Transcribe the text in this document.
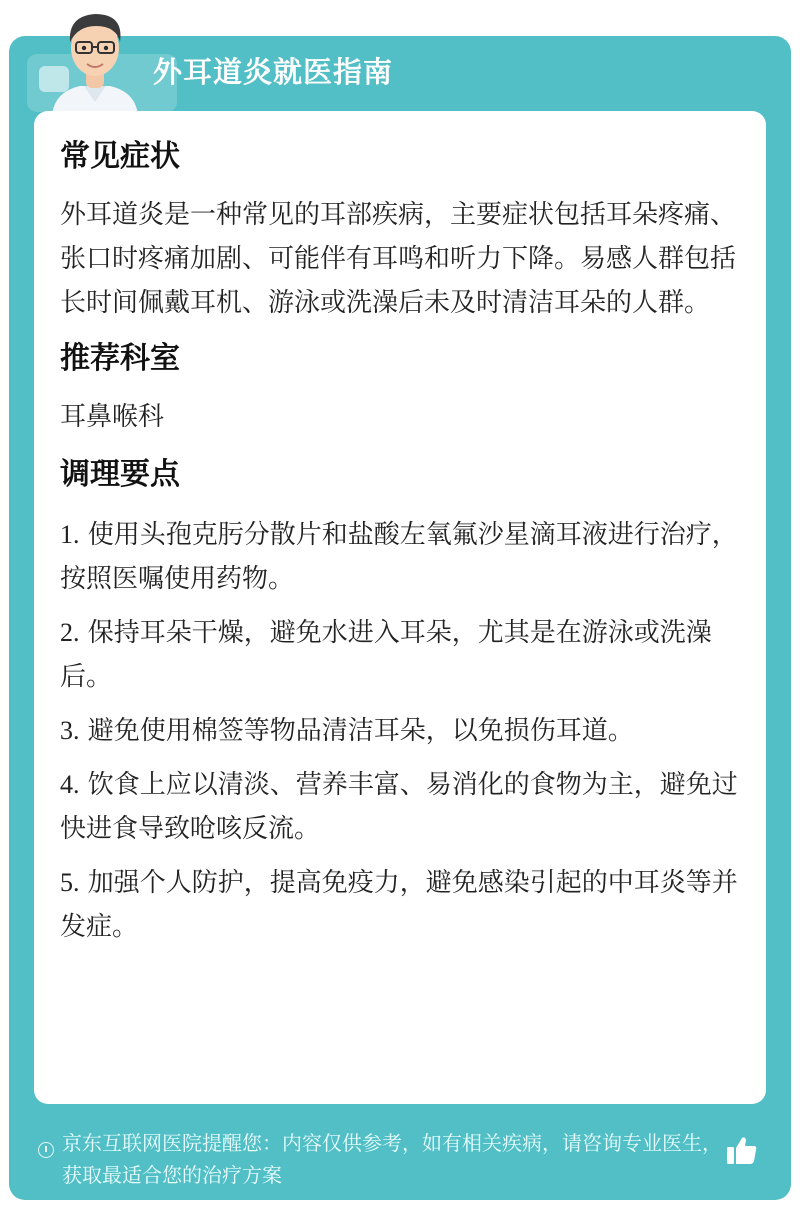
外耳道炎就医指南
京东互联网医院提醒您：内容仅供参考，如有相关疾病，请咨询专业医生，获取最适合您的治疗方案
常见症状

外耳道炎是一种常见的耳部疾病，主要症状包括耳朵疼痛、张口时疼痛加剧、可能伴有耳鸣和听力下降。易感人群包括长时间佩戴耳机、游泳或洗澡后未及时清洁耳朵的人群。

推荐科室

耳鼻喉科

调理要点
1. 使用头孢克肟分散片和盐酸左氧氟沙星滴耳液进行治疗，按照医嘱使用药物。
2. 保持耳朵干燥，避免水进入耳朵，尤其是在游泳或洗澡后。
3. 避免使用棉签等物品清洁耳朵，以免损伤耳道。
4. 饮食上应以清淡、营养丰富、易消化的食物为主，避免过快进食导致呛咳反流。
5. 加强个人防护，提高免疫力，避免感染引起的中耳炎等并发症。
